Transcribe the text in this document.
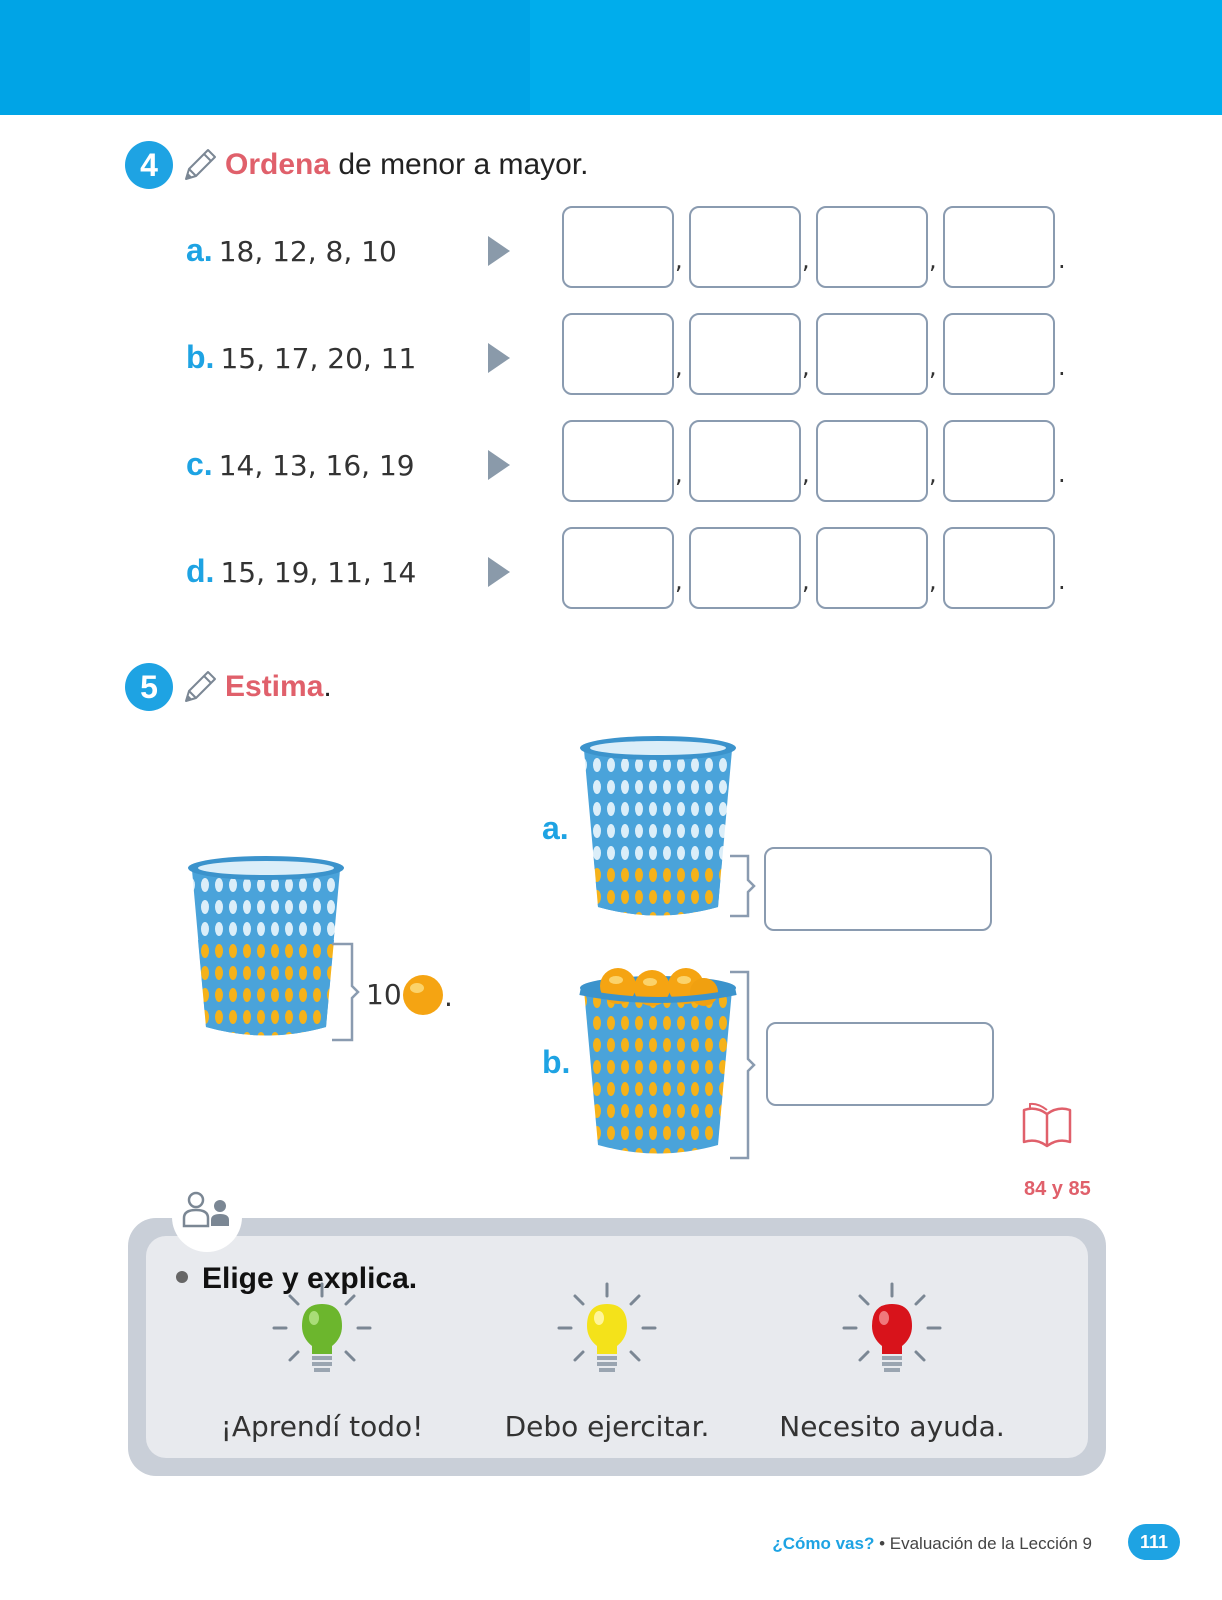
4	Ordena de menor a mayor.
a. 18, 12, 8, 10
b. 15, 17, 20, 11
c. 14, 13, 16, 19
d. 15, 19, 11, 14
,	,	,	.
,	,	,	.
,	,	,	.
,	,	,	.
5	Estima.
10 .
a.
b.
84 y 85
Elige y explica.
¡Aprendí todo!	Debo ejercitar.	Necesito ayuda.
¿Cómo vas? • Evaluación de la Lección 9	111
